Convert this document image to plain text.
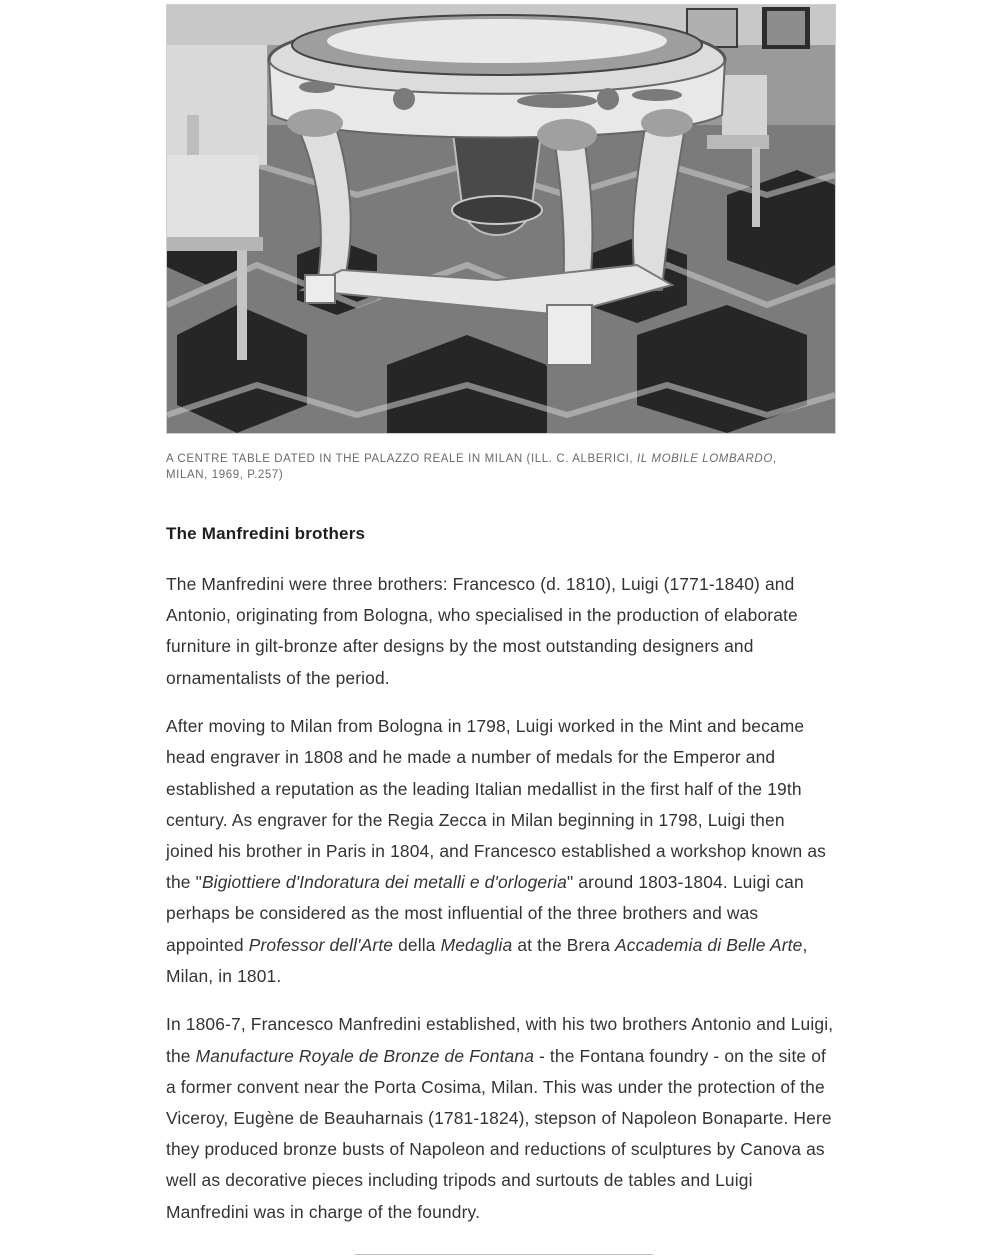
A CENTRE TABLE DATED IN THE PALAZZO REALE IN MILAN (ILL. C. ALBERICI, IL MOBILE LOMBARDO, MILAN, 1969, P.257)
The Manfredini brothers

The Manfredini were three brothers: Francesco (d. 1810), Luigi (1771-1840) and Antonio, originating from Bologna, who specialised in the production of elaborate furniture in gilt-bronze after designs by the most outstanding designers and ornamentalists of the period.

After moving to Milan from Bologna in 1798, Luigi worked in the Mint and became head engraver in 1808 and he made a number of medals for the Emperor and established a reputation as the leading Italian medallist in the first half of the 19th century. As engraver for the Regia Zecca in Milan beginning in 1798, Luigi then joined his brother in Paris in 1804, and Francesco established a workshop known as the "Bigiottiere d'Indoratura dei metalli e d'orlogeria" around 1803-1804. Luigi can perhaps be considered as the most influential of the three brothers and was appointed Professor dell'Arte della Medaglia at the Brera Accademia di Belle Arte, Milan, in 1801.

In 1806-7, Francesco Manfredini established, with his two brothers Antonio and Luigi, the Manufacture Royale de Bronze de Fontana - the Fontana foundry - on the site of a former convent near the Porta Cosima, Milan. This was under the protection of the Viceroy, Eugène de Beauharnais (1781-1824), stepson of Napoleon Bonaparte. Here they produced bronze busts of Napoleon and reductions of sculptures by Canova as well as decorative pieces including tripods and surtouts de tables and Luigi Manfredini was in charge of the foundry.
